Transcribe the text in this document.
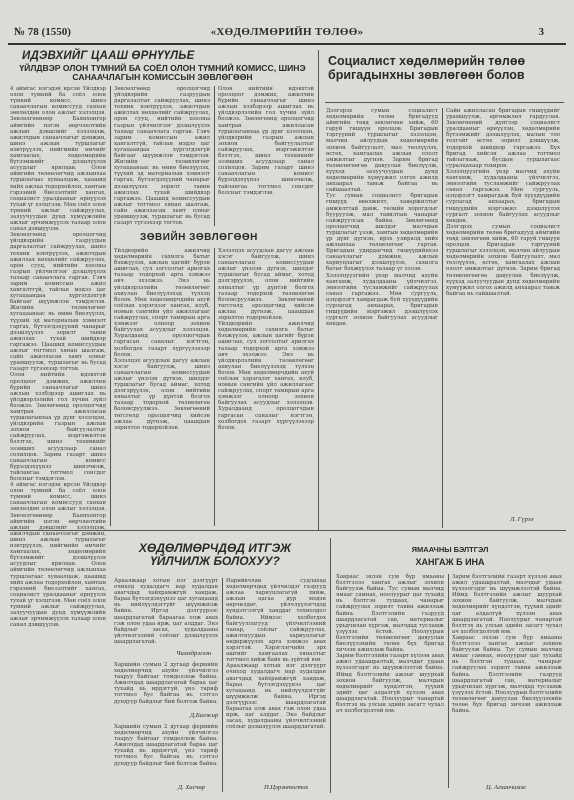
№ 78 (1550)	«ХӨДӨЛМӨРИЙН ТӨЛӨӨ»	3
ИДЭВХИЙГ ЦААШ ӨРНҮҮЛЬЕ
ҮЙЛДВЭР ОЛОН ТҮМНИЙ БА СОЁЛ ОЛОН ТҮМНИЙ КОМИСС, ШИНЭ САНААЧЛАГЫН КОМИССЫН ЗӨВЛӨГӨӨН

4 аймгас нэгэдэн ирсэн Үйлдвэр олон түмний ба соёл олон түмний комисс, шинэ санаачлагын комиссууд саяхан зөвлөлдөн олон ажлыг хэлэлцэв. Зөвлөлгөөнөөр Баянхонгор аймгийн нэгэн өөрчлөлтийн ажлын дэвшлийг хэлэлцэж, ажилчдын санаачлагыг дэмжин, шинэ ажлын туршлагыг нэвтрүүлэх, нийгмийн өмчийг хамгаалах, хөдөлмөрийн бүтээмжийг дээшлүүлэх асуудлыг ярилцав. Олон аймгийн төлөөлөгчид ажлынхаа туршлагаас хуваалцаж, цаашид хийх ажлаа тодорхойлон, хамтын гэрээний биелэлтийг хангах, социалист уралдааныг өрнүүлэх тухай үг хэлцгээв. Мөн соёл олон түмний ажлыг сайжруулах, залуучуудын дунд хүмүүжлийн ажлыг эрчимжүүлэх талаар олон санал дэвшүүлэв.

Зөвлөлгөөнд оролцогчид үйлдвэрийн газруудын даргалалтыг сайжруулах, шинэ техник нэвтрүүлэх, ажилчдын ажиллах нөхцөлийг сайжруулах, орон сууц, нийтийн хоолны газрын үйлчилгээг дээшлүүлэх талаар санаачлага гаргав. Гэвч зарим комиссын ажил хангалтгүй, тайлан мэдээ цаг хугацаандаа хүргэгдэхгүй байгааг шүүмжлэн тэмдэглэв. Жилийн төлөвлөгөөг хугацаанаас нь өмнө биелүүлэх, түүхий эд материалын хэмнэлт гаргах, бүтээгдэхүүний чанарыг дээшлүүлэх зорилт тавин ажиллах тухай шийдвэр гаргажээ. Цаашид комиссуудын ажлыг тогтмол хянан шалгаж, сайн ажилласан хамт олныг урамшуулж, туршлагыг нь бусад газарт түгээхээр тогтов.

Олон нийтийн идэвхтэй оролцоог дэмжих, ажилчин бүрийн санаачлагыг шинэ ажлын хэлбэрээр ашиглах нь үйлдвэрлэлийн гол хүчин зүйл болжээ. Зөвлөгөөнд оролцогчид хамтран ажилласан туршлагынхаа үр дүнг хэлэлцэн, үйлдвэрийн газрын ажлын зохион байгуулалтыг сайжруулах, мэргэжилтэн бэлтгэх, шинэ техникийг эзэмших асуудлаар санал солилцов. Зарим газарт шинэ санаачлагын комисс бүрэлдэхүүнээ шинэчилж, тайлангаа тогтмол сонсдог болсныг тэмдэглэв.

4 аймгас нэгэдэн ирсэн Үйлдвэр олон түмний ба соёл олон түмний комисс, шинэ санаачлагын комиссууд саяхан зөвлөлдөн олон ажлыг хэлэлцэв. Зөвлөлгөөнөөр Баянхонгор аймгийн нэгэн өөрчлөлтийн ажлын дэвшлийг хэлэлцэж, ажилчдын санаачлагыг дэмжин, шинэ ажлын туршлагыг нэвтрүүлэх, нийгмийн өмчийг хамгаалах, хөдөлмөрийн бүтээмжийг дээшлүүлэх асуудлыг ярилцав. Олон аймгийн төлөөлөгчид ажлынхаа туршлагаас хуваалцаж, цаашид хийх ажлаа тодорхойлон, хамтын гэрээний биелэлтийг хангах, социалист уралдааныг өрнүүлэх тухай үг хэлцгээв. Мөн соёл олон түмний ажлыг сайжруулах, залуучуудын дунд хүмүүжлийн ажлыг эрчимжүүлэх талаар олон санал дэвшүүлэв.

Зөвлөлгөөнд оролцогчид үйлдвэрийн газруудын даргалалтыг сайжруулах, шинэ техник нэвтрүүлэх, ажилчдын ажиллах нөхцөлийг сайжруулах, орон сууц, нийтийн хоолны газрын үйлчилгээг дээшлүүлэх талаар санаачлага гаргав. Гэвч зарим комиссын ажил хангалтгүй, тайлан мэдээ цаг хугацаандаа хүргэгдэхгүй байгааг шүүмжлэн тэмдэглэв. Жилийн төлөвлөгөөг хугацаанаас нь өмнө биелүүлэх, түүхий эд материалын хэмнэлт гаргах, бүтээгдэхүүний чанарыг дээшлүүлэх зорилт тавин ажиллах тухай шийдвэр гаргажээ. Цаашид комиссуудын ажлыг тогтмол хянан шалгаж, сайн ажилласан хамт олныг урамшуулж, туршлагыг нь бусад газарт түгээхээр тогтов.

Олон нийтийн идэвхтэй оролцоог дэмжих, ажилчин бүрийн санаачлагыг шинэ ажлын хэлбэрээр ашиглах нь үйлдвэрлэлийн гол хүчин зүйл болжээ. Зөвлөгөөнд оролцогчид хамтран ажилласан туршлагынхаа үр дүнг хэлэлцэн, үйлдвэрийн газрын ажлын зохион байгуулалтыг сайжруулах, мэргэжилтэн бэлтгэх, шинэ техникийг эзэмших асуудлаар санал солилцов. Зарим газарт шинэ санаачлагын комисс бүрэлдэхүүнээ шинэчилж, тайлангаа тогтмол сонсдог болсныг тэмдэглэв.

ЗӨВИЙН ЗӨВЛӨГӨӨН

Үйлдвэрийн ажилчид хөдөлмөрийн сахилга батыг бэхжүүлэх, ажлын цагийг бүрэн ашиглах, сул зогсолтыг арилгах талаар тодорхой арга хэмжээ авч эхэлжээ. Энэ нь үйлдвэрлэлийн төлөвлөгөөг ахиулан биелүүлэхэд түлхэц болов. Мөн хөдөлмөрчдийн ахуй соёлын хэрэгцээг хангах, клуб, номын сангийн үйл ажиллагааг сайжруулах, спорт тамирын арга хэмжээг олноор зохион байгуулах асуудлыг хэлэлцэв. Хуралдаанд оролцогчдын гаргасан саналыг нэгтгэн, холбогдох газарт хүргүүлэхээр болов.

Хэлэлцэх асуудлын дагуу ажлын хэсэг байгуулж, шинэ санаачлагын комиссуудын ажлыг үнэлэн дүгнэх, шилдэг туршлагыг бусад аймаг, хотод дэлгэрүүлэх, олон нийтийн хяналтыг үр дүнтэй болгох талаар тодорхой төлөвлөгөө боловсруулжээ. Зөвлөгөөний төгсгөлд оролцогчид хийсэн ажлаа дүгнэж, цаашдын зорилтоо тодорхойлов.

Хэлэлцэх асуудлын дагуу ажлын хэсэг байгуулж, шинэ санаачлагын комиссуудын ажлыг үнэлэн дүгнэх, шилдэг туршлагыг бусад аймаг, хотод дэлгэрүүлэх, олон нийтийн хяналтыг үр дүнтэй болгох талаар тодорхой төлөвлөгөө боловсруулжээ. Зөвлөгөөний төгсгөлд оролцогчид хийсэн ажлаа дүгнэж, цаашдын зорилтоо тодорхойлов.

Үйлдвэрийн ажилчид хөдөлмөрийн сахилга батыг бэхжүүлэх, ажлын цагийг бүрэн ашиглах, сул зогсолтыг арилгах талаар тодорхой арга хэмжээ авч эхэлжээ. Энэ нь үйлдвэрлэлийн төлөвлөгөөг ахиулан биелүүлэхэд түлхэц болов. Мөн хөдөлмөрчдийн ахуй соёлын хэрэгцээг хангах, клуб, номын сангийн үйл ажиллагааг сайжруулах, спорт тамирын арга хэмжээг олноор зохион байгуулах асуудлыг хэлэлцэв. Хуралдаанд оролцогчдын гаргасан саналыг нэгтгэн, холбогдох газарт хүргүүлэхээр болов.

Социалист хөдөлмөрийн төлөө бригадынхны зөвлөгөөн болов

Дэлгэрэх сумын социалист хөдөлмөрийн төлөө бригадууд аймгийн төвд зөвлөгөөн хийж, 60 гаруй гишүүн оролцов. Бригадын тэргүүний туршлагыг хэлэлцэн, малчин айлуудын хөдөлмөрийн зохион байгуулалт, мал төллүүлэх, өсгөх, хамгаалах ажлын ололт амжилтыг дүгнэв. Зарим бригад төлөвлөгөөгөө давуулан биелүүлж, хүүхэд залуучуудын дунд хөдөлмөрийн хүмүүжил олгох ажилд анхаарал тавьж байгаа нь сайшаалтай.

Тус сумын социалист бригадын гишүүд өвөлжилт, хаваржилтыг амжилттай давж, төлийн хорогдлыг бууруулж, мал тавилтын чанарыг сайжруулсан байна. Зөвлөгөөнд оролцогчид шилдэг малчдын туршлагыг үзэж, хамтын хөдөлмөрийн үр дүнг дүгнэн, ирэх улиралд хийх ажлынхаа төлөвлөгөөг гаргав. Бригадын удирдагчид гишүүдийнхээ санаачлагыг дэмжин, ажлын хариуцлагыг дээшлүүлэх, сахилга батыг бэхжүүлэх талаар үг хэлэв.

Хэлэлцүүлгийн үеэр малчид ахуйн хангамж, худалдааны үйлчилгээ, эмнэлгийн тусламжийг сайжруулах санал гаргажээ. Мөн сургууль, цэцэрлэгт хамрагдаж буй хүүхдүүдийн сурлагад анхаарах, бригадын гишүүдийн мэргэжил дээшлүүлэх сургалт зохион байгуулах асуудлыг хөндөв.

Сайн ажилласан бригадын гишүүдийг урамшуулж, өргөмжлөл гардуулав. Зөвлөгөөний дүнгээр социалист уралдааныг өрнүүлэн, хөдөлмөрийн бүтээмжийг дээшлүүлэх, малын тоо толгойг өсгөх зорилт дэвшүүлж, тодорхой шийдвэр гаргажээ. Бүх бригад хийсэн ажлаа тогтмол тайлагнаж, бусдын туршлагаас суралцахаар тохиров.

Хэлэлцүүлгийн үеэр малчид ахуйн хангамж, худалдааны үйлчилгээ, эмнэлгийн тусламжийг сайжруулах санал гаргажээ. Мөн сургууль, цэцэрлэгт хамрагдаж буй хүүхдүүдийн сурлагад анхаарах, бригадын гишүүдийн мэргэжил дээшлүүлэх сургалт зохион байгуулах асуудлыг хөндөв.

Дэлгэрэх сумын социалист хөдөлмөрийн төлөө бригадууд аймгийн төвд зөвлөгөөн хийж, 60 гаруй гишүүн оролцов. Бригадын тэргүүний туршлагыг хэлэлцэн, малчин айлуудын хөдөлмөрийн зохион байгуулалт, мал төллүүлэх, өсгөх, хамгаалах ажлын ололт амжилтыг дүгнэв. Зарим бригад төлөвлөгөөгөө давуулан биелүүлж, хүүхэд залуучуудын дунд хөдөлмөрийн хүмүүжил олгох ажилд анхаарал тавьж байгаа нь сайшаалтай.

Л. Гүрээ
ХӨДӨЛМӨРЧДӨД ИТГЭЖ ҮЙЛЧИЛЖ БОЛОХУУ?

Араалжаар хотын нэг дэлгүүрт очиход худалдагч нар худалдан авагчдад хайхрамжгүй хандаж, бараа бүтээгдэхүүнээ цаг хугацаанд нь нийлүүлдэггүйг шүүмжилж байна. Иргэд дэлгүүрээс шаардлагатай бараагаа олж авах гэж олон удаа ирж, цаг алддаг. Энэ байдлыг засах, худалдааны үйлчилгээний соёлыг дээшлүүлэх шаардлагатай.

Чимэдрэгзэн

Харшийн сумын 2 дугаар фермийн хөдөлмөрчид ахуйн үйлчилгээ тааруу байгааг гомдоллож байна. Ажилчдад шаардлагатай бараа цаг тухайд нь ирдэггүй, үнэ тариф тогтмол бус байгаа нь сэтгэл дундуур байдлыг бий болгож байна.

Д.Балжир

Харшийн сумын 2 дугаар фермийн хөдөлмөрчид ахуйн үйлчилгээ тааруу байгааг гомдоллож байна. Ажилчдад шаардлагатай бараа цаг тухайд нь ирдэггүй, үнэ тариф тогтмол бус байгаа нь сэтгэл дундуур байдлыг бий болгож байна.

Д. Хасчөр

Нарийвчлан судлахад хөдөлмөрчдөд үйлчилдэг газрууд ажлаа хариуцлагагүй хийж, ажлын цагаа дур мэдэн өөрчилдөг, үйлчлүүлэгчдэд хүндэтгэлгүй ханддаг тохиолдол байна. Иймээс холбогдох байгууллагууд үйлчилгээний чанар, соёлыг сайжруулах, ажилтнуудын хариуцлагыг өндөржүүлэх арга хэмжээ авах хэрэгтэй. Хэрэглэгчийн эрх ашгийг хамгаалах хяналтыг тогтмол хийж байх нь зүйтэй юм.

Араалжаар хотын нэг дэлгүүрт очиход худалдагч нар худалдан авагчдад хайхрамжгүй хандаж, бараа бүтээгдэхүүнээ цаг хугацаанд нь нийлүүлдэггүйг шүүмжилж байна. Иргэд дэлгүүрээс шаардлагатай бараагаа олж авах гэж олон удаа ирж, цаг алддаг. Энэ байдлыг засах, худалдааны үйлчилгээний соёлыг дээшлүүлэх шаардлагатай.

П.Цэрэнтогтох
ЯМААЧНЫ БЭЛТГЭЛ
ХАНГАЖ Б ИНА

Хавраас эхлэн сум бүр ямааны бэлтгэлээ хангах ажлыг зохион байгуулж байна. Тус сумын малчид ямааг самнах, ноолуурыг цаг тухайд нь бэлтгэн тушаах, чанарыг сайжруулах зорилт тавин ажиллаж байна. Бэлтгэлийн газрууд шаардлагатай сав, материалыг урьдчилан хүргэж, малчдад тусламж үзүүлэх ёстой. Ноолуурын бэлтгэлийн төлөвлөгөөг давуулан биелүүлэхийн төлөө бүх бригад хичээн ажиллаж байна.

Зарим бэлтгэлийн газарт хүлээн авах ажил удаашралтай, малчдыг удаан хүлээлгэдэг нь шүүмжлэлтэй байна. Иймд бэлтгэлийн ажлыг шуурхай зохион байгуулж, малчдын хөдөлмөрийг хүндэтгэн, түүхий эдийг цаг алдалгүй хүлээн авах шаардлагатай. Ноолуурыг чанартай бэлтгэх нь улсын эдийн засагт чухал ач холбогдолтой юм.

Зарим бэлтгэлийн газарт хүлээн авах ажил удаашралтай, малчдыг удаан хүлээлгэдэг нь шүүмжлэлтэй байна. Иймд бэлтгэлийн ажлыг шуурхай зохион байгуулж, малчдын хөдөлмөрийг хүндэтгэн, түүхий эдийг цаг алдалгүй хүлээн авах шаардлагатай. Ноолуурыг чанартай бэлтгэх нь улсын эдийн засагт чухал ач холбогдолтой юм.

Хавраас эхлэн сум бүр ямааны бэлтгэлээ хангах ажлыг зохион байгуулж байна. Тус сумын малчид ямааг самнах, ноолуурыг цаг тухайд нь бэлтгэн тушаах, чанарыг сайжруулах зорилт тавин ажиллаж байна. Бэлтгэлийн газрууд шаардлагатай сав, материалыг урьдчилан хүргэж, малчдад тусламж үзүүлэх ёстой. Ноолуурын бэлтгэлийн төлөвлөгөөг давуулан биелүүлэхийн төлөө бүх бригад хичээн ажиллаж байна.

Ц. Алханчимэс
